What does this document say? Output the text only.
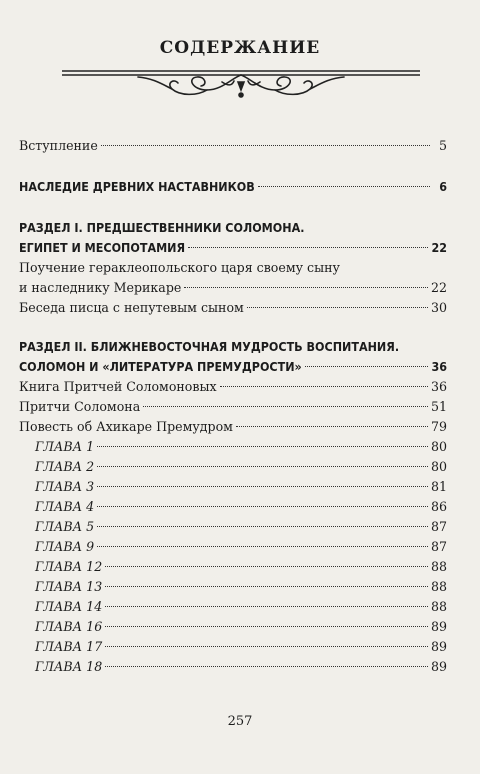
СОДЕРЖАНИЕ
Вступление	5
НАСЛЕДИЕ ДРЕВНИХ НАСТАВНИКОВ	6
РАЗДЕЛ I. ПРЕДШЕСТВЕННИКИ СОЛОМОНА.
ЕГИПЕТ И МЕСОПОТАМИЯ	22
Поучение гераклеопольского царя своему сыну
и наследнику Мерикаре	22
Беседа писца с непутевым сыном	30
РАЗДЕЛ II. БЛИЖНЕВОСТОЧНАЯ МУДРОСТЬ ВОСПИТАНИЯ.
СОЛОМОН И «ЛИТЕРАТУРА ПРЕМУДРОСТИ»	36
Книга Притчей Соломоновых	36
Притчи Соломона	51
Повесть об Ахикаре Премудром	79
ГЛАВА 1	80
ГЛАВА 2	80
ГЛАВА 3	81
ГЛАВА 4	86
ГЛАВА 5	87
ГЛАВА 9	87
ГЛАВА 12	88
ГЛАВА 13	88
ГЛАВА 14	88
ГЛАВА 16	89
ГЛАВА 17	89
ГЛАВА 18	89
257
